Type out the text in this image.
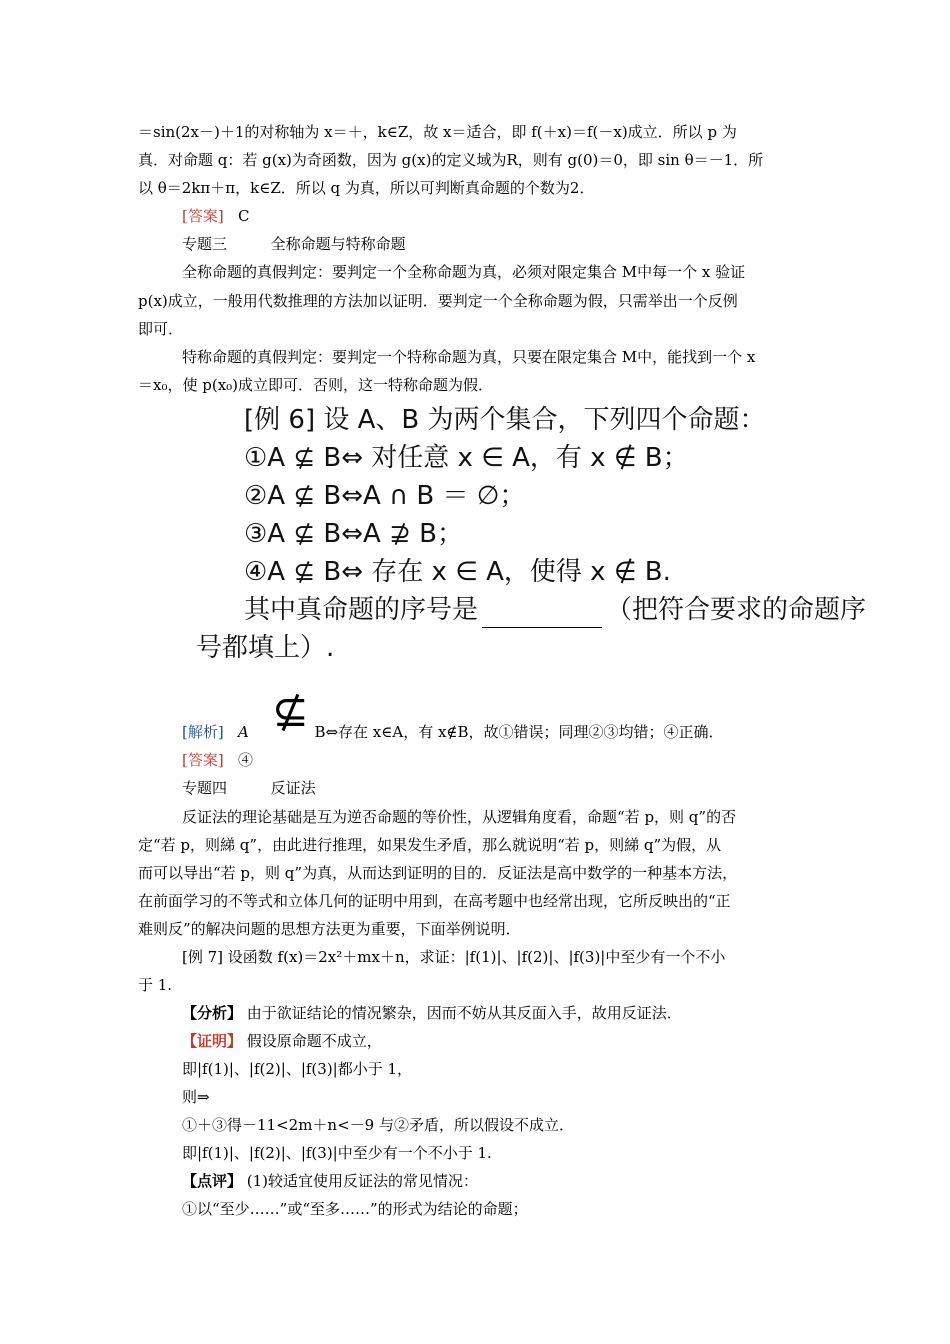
＝sin(2x－)＋1的对称轴为 x＝＋，k∈Z，故 x＝适合，即 f(＋x)＝f(－x)成立．所以 p 为
真．对命题 q：若 g(x)为奇函数，因为 g(x)的定义域为R，则有 g(0)＝0，即 sin θ＝－1．所
以 θ＝2kπ＋π，k∈Z．所以 q 为真，所以可判断真命题的个数为2．
[答案] C
专题三	全称命题与特称命题
全称命题的真假判定：要判定一个全称命题为真，必须对限定集合 M中每一个 x 验证
p(x)成立，一般用代数推理的方法加以证明．要判定一个全称命题为假，只需举出一个反例
即可．
特称命题的真假判定：要判定一个特称命题为真，只要在限定集合 M中，能找到一个 x
＝x₀，使 p(x₀)成立即可．否则，这一特称命题为假．
[例 6] 设 A、B 为两个集合，下列四个命题：
①A ⊈ B⇔ 对任意 x ∈ A，有 x ∉ B；
②A ⊈ B⇔A ∩ B ＝ ∅；
③A ⊈ B⇔A ⊉ B；
④A ⊈ B⇔ 存在 x ∈ A，使得 x ∉ B.
其中真命题的序号是	（把符合要求的命题序
号都填上）.
⊈
[解析] A	B⇔存在 x∈A，有 x∉B，故①错误；同理②③均错；④正确．
[答案] ④
专题四	反证法
反证法的理论基础是互为逆否命题的等价性，从逻辑角度看，命题“若 p，则 q”的否
定“若 p，则綈 q”，由此进行推理，如果发生矛盾，那么就说明“若 p，则綈 q”为假，从
而可以导出“若 p，则 q”为真，从而达到证明的目的．反证法是高中数学的一种基本方法，
在前面学习的不等式和立体几何的证明中用到，在高考题中也经常出现，它所反映出的“正
难则反”的解决问题的思想方法更为重要，下面举例说明．
[例 7] 设函数 f(x)＝2x²＋mx＋n，求证：|f(1)|、|f(2)|、|f(3)|中至少有一个不小
于 1.
【分析】 由于欲证结论的情况繁杂，因而不妨从其反面入手，故用反证法．
【证明】 假设原命题不成立，
即|f(1)|、|f(2)|、|f(3)|都小于 1，
则⇒
①＋③得－11<2m＋n<－9 与②矛盾，所以假设不成立．
即|f(1)|、|f(2)|、|f(3)|中至少有一个不小于 1.
【点评】 (1)较适宜使用反证法的常见情况：
①以“至少……”或“至多……”的形式为结论的命题；
